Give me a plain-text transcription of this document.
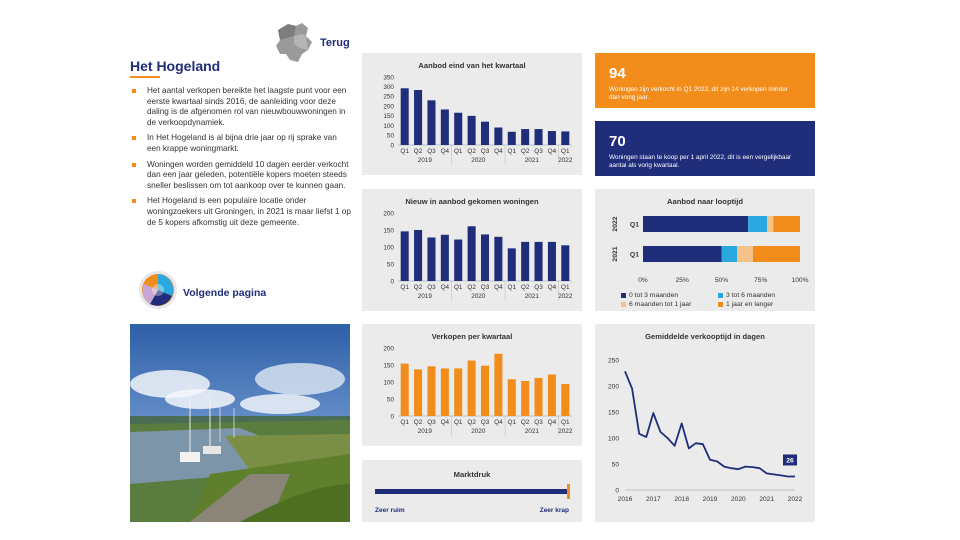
Terug
Het Hogeland
Het aantal verkopen bereikte het laagste punt voor een eerste kwartaal sinds 2016, de aanleiding voor deze daling is de afgenomen rol van nieuwbouwwoningen in de verkoopdynamiek.
In Het Hogeland is al bijna drie jaar op rij sprake van een krappe woningmarkt.
Woningen worden gemiddeld 10 dagen eerder verkocht dan een jaar geleden, potentiële kopers moeten steeds sneller beslissen om tot aankoop over te kunnen gaan.
Het Hogeland is een populaire locatie onder woningzoekers uit Groningen, in 2021 is maar liefst 1 op de 5 kopers afkomstig uit deze gemeente.
Volgende pagina
Aanbod eind van het kwartaal
0
50
100
150
200
250
300
350
Q1 Q2 Q3 Q4 Q1 Q2 Q3 Q4 Q1 Q2 Q3 Q4 Q1
2019	2020	2021	2022
Nieuw in aanbod gekomen woningen
0
50
100
150
200
Q1 Q2 Q3 Q4 Q1 Q2 Q3 Q4 Q1 Q2 Q3 Q4 Q1
2019	2020	2021	2022
Verkopen per kwartaal
0
50
100
150
200
Q1 Q2 Q3 Q4 Q1 Q2 Q3 Q4 Q1 Q2 Q3 Q4 Q1
2019	2020	2021	2022
Marktdruk
Zeer ruim	Zeer krap
94
Woningen zijn verkocht in Q1 2022, dit zijn 14 verkopen minder dan vorig jaar.
70
Woningen staan te koop per 1 april 2022, dit is een vergelijkbaar aantal als vorig kwartaal.
Aanbod naar looptijd
Q1
2022
Q1
2021
0%	25%	50%	75%	100%
0 tot 3 maanden	3 tot 6 maanden
6 maanden tot 1 jaar	1 jaar en langer
Gemiddelde verkooptijd in dagen
0
50
100
150
200
250
2016 2017 2018 2019 2020 2021 2022
26
